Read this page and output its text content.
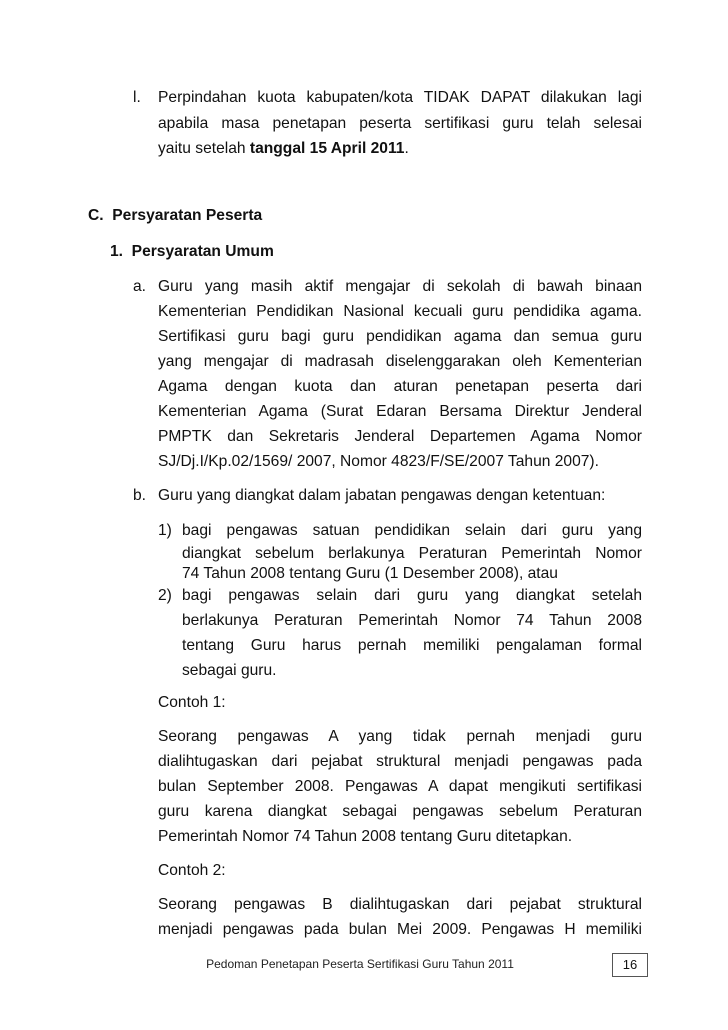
l. Perpindahan kuota kabupaten/kota TIDAK DAPAT dilakukan lagi
apabila masa penetapan peserta sertifikasi guru telah selesai
yaitu setelah tanggal 15 April 2011.
C.  Persyaratan Peserta
1.  Persyaratan Umum
a. Guru yang masih aktif mengajar di sekolah di bawah binaan
Kementerian Pendidikan Nasional kecuali guru pendidika agama.
Sertifikasi guru bagi guru pendidikan agama dan semua guru
yang mengajar di madrasah diselenggarakan oleh Kementerian
Agama dengan kuota dan aturan penetapan peserta dari
Kementerian Agama (Surat Edaran Bersama Direktur Jenderal
PMPTK dan Sekretaris Jenderal Departemen Agama Nomor
SJ/Dj.I/Kp.02/1569/ 2007, Nomor 4823/F/SE/2007 Tahun 2007).
b. Guru yang diangkat dalam jabatan pengawas dengan ketentuan:
1) bagi pengawas satuan pendidikan selain dari guru yang
diangkat sebelum berlakunya Peraturan Pemerintah Nomor
74 Tahun 2008 tentang Guru (1 Desember 2008), atau
2) bagi pengawas selain dari guru yang diangkat setelah
berlakunya Peraturan Pemerintah Nomor 74 Tahun 2008
tentang Guru harus pernah memiliki pengalaman formal
sebagai guru.
Contoh 1:
Seorang pengawas A yang tidak pernah menjadi guru
dialihtugaskan dari pejabat struktural menjadi pengawas pada
bulan September 2008. Pengawas A dapat mengikuti sertifikasi
guru karena diangkat sebagai pengawas sebelum Peraturan
Pemerintah Nomor 74 Tahun 2008 tentang Guru ditetapkan.
Contoh 2:
Seorang pengawas B dialihtugaskan dari pejabat struktural
menjadi pengawas pada bulan Mei 2009. Pengawas H memiliki
Pedoman Penetapan Peserta Sertifikasi Guru Tahun 2011	16
